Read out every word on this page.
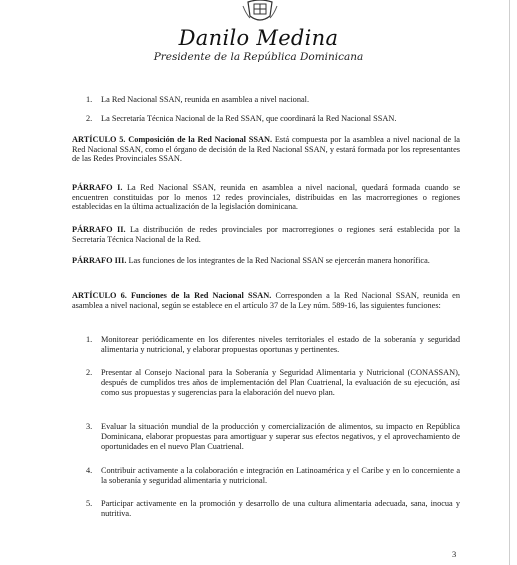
Danilo Medina
Presidente de la República Dominicana
1.	La Red Nacional SSAN, reunida en asamblea a nivel nacional.
2.	La Secretaría Técnica Nacional de la Red SSAN, que coordinará la Red Nacional SSAN.
ARTÍCULO 5. Composición de la Red Nacional SSAN. Está compuesta por la asamblea a nivel nacional de la Red Nacional SSAN, como el órgano de decisión de la Red Nacional SSAN, y estará formada por los representantes de las Redes Provinciales SSAN.
PÁRRAFO I. La Red Nacional SSAN, reunida en asamblea a nivel nacional, quedará formada cuando se encuentren constituidas por lo menos 12 redes provinciales, distribuidas en las macrorregiones o regiones establecidas en la última actualización de la legislación dominicana.
PÁRRAFO II. La distribución de redes provinciales por macrorregiones o regiones será establecida por la Secretaría Técnica Nacional de la Red.
PÁRRAFO III. Las funciones de los integrantes de la Red Nacional SSAN se ejercerán manera honorífica.
ARTÍCULO 6. Funciones de la Red Nacional SSAN. Corresponden a la Red Nacional SSAN, reunida en asamblea a nivel nacional, según se establece en el artículo 37 de la Ley núm. 589-16, las siguientes funciones:
1.	Monitorear periódicamente en los diferentes niveles territoriales el estado de la soberanía y seguridad alimentaria y nutricional, y elaborar propuestas oportunas y pertinentes.
2.	Presentar al Consejo Nacional para la Soberanía y Seguridad Alimentaria y Nutricional (CONASSAN), después de cumplidos tres años de implementación del Plan Cuatrienal, la evaluación de su ejecución, así como sus propuestas y sugerencias para la elaboración del nuevo plan.
3.	Evaluar la situación mundial de la producción y comercialización de alimentos, su impacto en República Dominicana, elaborar propuestas para amortiguar y superar sus efectos negativos, y el aprovechamiento de oportunidades en el nuevo Plan Cuatrienal.
4.	Contribuir activamente a la colaboración e integración en Latinoamérica y el Caribe y en lo concerniente a la soberanía y seguridad alimentaria y nutricional.
5.	Participar activamente en la promoción y desarrollo de una cultura alimentaria adecuada, sana, inocua y nutritiva.
3
